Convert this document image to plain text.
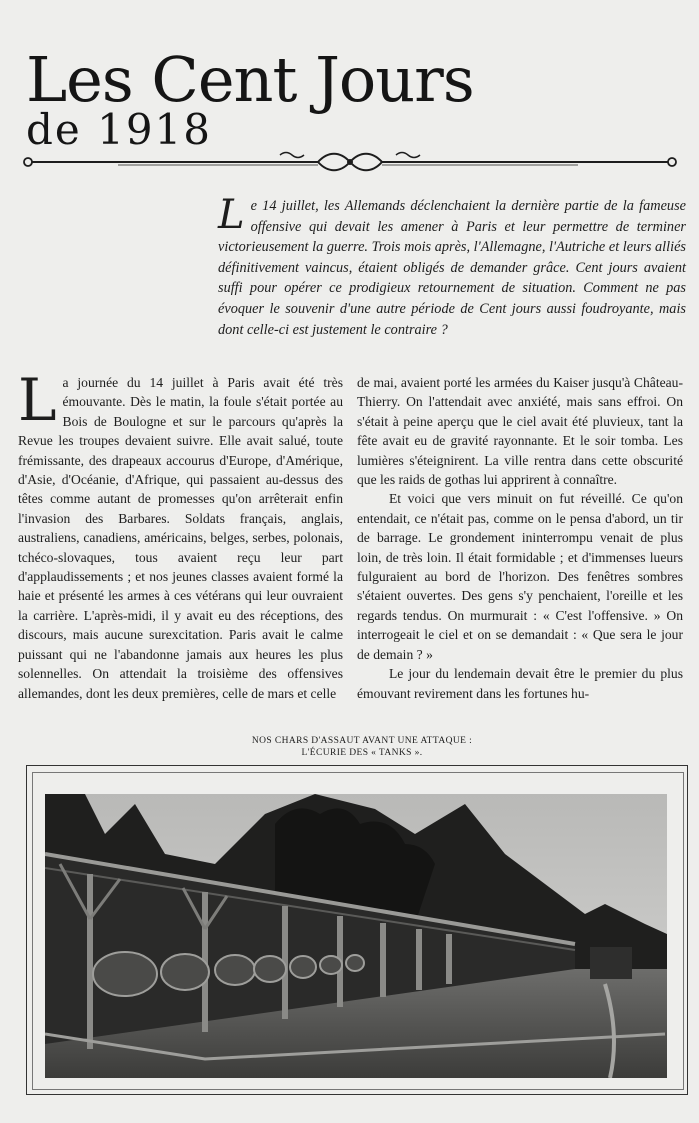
Les Cent Jours
de 1918

Le 14 juillet, les Allemands déclenchaient la dernière partie de la fameuse offensive qui devait les amener à Paris et leur permettre de terminer victorieusement la guerre. Trois mois après, l'Allemagne, l'Autriche et leurs alliés définitivement vaincus, étaient obligés de demander grâce. Cent jours avaient suffi pour opérer ce prodigieux retournement de situation. Comment ne pas évoquer le souvenir d'une autre période de Cent jours aussi foudroyante, mais dont celle-ci est justement le contraire ?

La journée du 14 juillet à Paris avait été très émouvante. Dès le matin, la foule s'était portée au Bois de Boulogne et sur le parcours qu'après la Revue les troupes devaient suivre. Elle avait salué, toute frémissante, des drapeaux accourus d'Europe, d'Amérique, d'Asie, d'Océanie, d'Afrique, qui passaient au-dessus des têtes comme autant de promesses qu'on arrêterait enfin l'invasion des Barbares. Soldats français, anglais, australiens, canadiens, américains, belges, serbes, polonais, tchéco-slovaques, tous avaient reçu leur part d'applaudissements ; et nos jeunes classes avaient formé la haie et présenté les armes à ces vétérans qui leur ouvraient la carrière. L'après-midi, il y avait eu des réceptions, des discours, mais aucune surexcitation. Paris avait le calme puissant qui ne l'abandonne jamais aux heures les plus solennelles. On attendait la troisième des offensives allemandes, dont les deux premières, celle de mars et celle

de mai, avaient porté les armées du Kaiser jusqu'à Château-Thierry. On l'attendait avec anxiété, mais sans effroi. On s'était à peine aperçu que le ciel avait été pluvieux, tant la fête avait eu de gravité rayonnante. Et le soir tomba. Les lumières s'éteignirent. La ville rentra dans cette obscurité que les raids de gothas lui apprirent à connaître.

Et voici que vers minuit on fut réveillé. Ce qu'on entendait, ce n'était pas, comme on le pensa d'abord, un tir de barrage. Le grondement ininterrompu venait de plus loin, de très loin. Il était formidable ; et d'immenses lueurs fulguraient au bord de l'horizon. Des fenêtres sombres s'étaient ouvertes. Des gens s'y penchaient, l'oreille et les regards tendus. On murmurait : « C'est l'offensive. » On interrogeait le ciel et on se demandait : « Que sera le jour de demain ? »

Le jour du lendemain devait être le premier du plus émouvant revirement dans les fortunes hu-

NOS CHARS D'ASSAUT AVANT UNE ATTAQUE : L'ÉCURIE DES « TANKS ».
